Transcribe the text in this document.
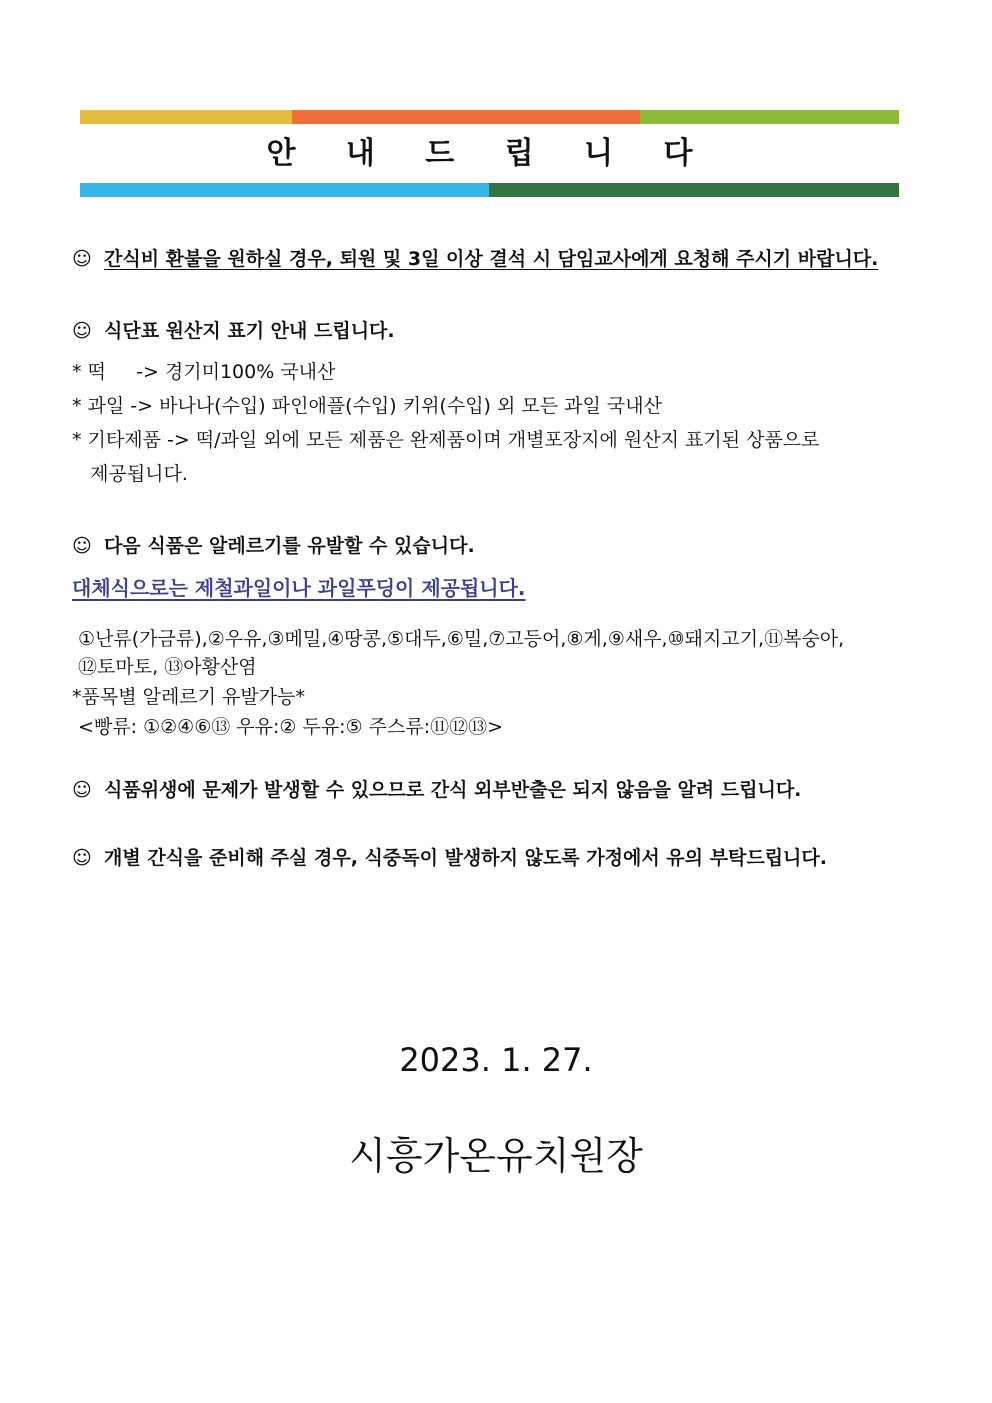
안 내 드 립 니 다
☺ 간식비 환불을 원하실 경우, 퇴원 및 3일 이상 결석 시 담임교사에게 요청해 주시기 바랍니다.
☺ 식단표 원산지 표기 안내 드립니다.
* 떡     -> 경기미100% 국내산
* 과일 -> 바나나(수입) 파인애플(수입) 키위(수입) 외 모든 과일 국내산
* 기타제품 -> 떡/과일 외에 모든 제품은 완제품이며 개별포장지에 원산지 표기된 상품으로
제공됩니다.
☺ 다음 식품은 알레르기를 유발할 수 있습니다.
대체식으로는 제철과일이나 과일푸딩이 제공됩니다.
①난류(가금류),②우유,③메밀,④땅콩,⑤대두,⑥밀,⑦고등어,⑧게,⑨새우,⑩돼지고기,⑪복숭아,
⑫토마토, ⑬아황산염
*품목별 알레르기 유발가능*
<빵류: ①②④⑥⑬ 우유:② 두유:⑤ 주스류:⑪⑫⑬>
☺ 식품위생에 문제가 발생할 수 있으므로 간식 외부반출은 되지 않음을 알려 드립니다.
☺ 개별 간식을 준비해 주실 경우, 식중독이 발생하지 않도록 가정에서 유의 부탁드립니다.
2023. 1. 27.
시흥가온유치원장
